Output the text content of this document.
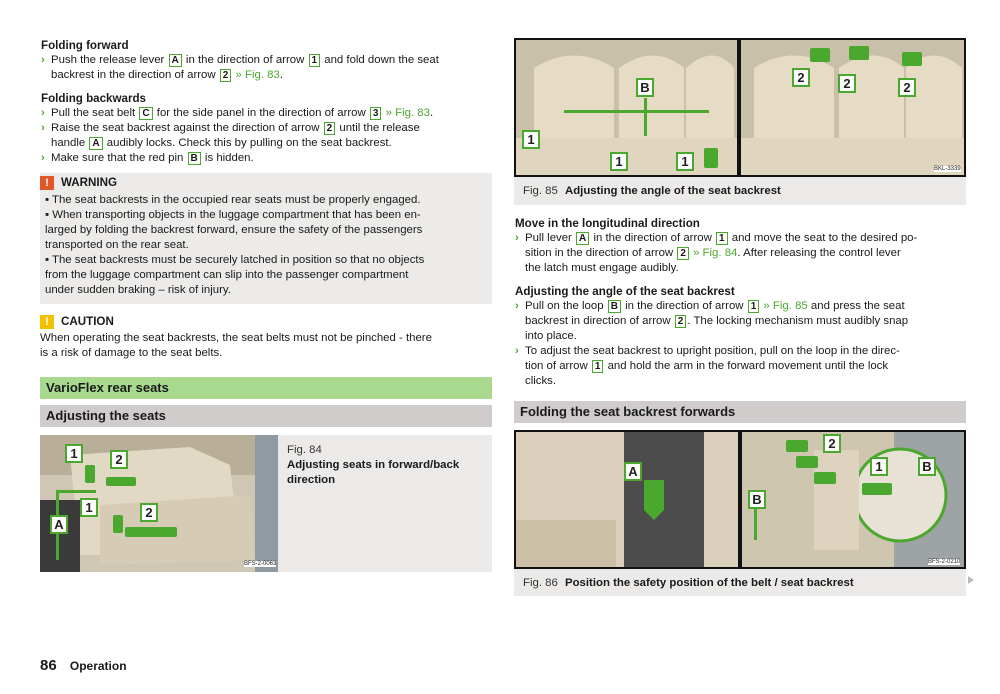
Folding forward
› Push the release lever A in the direction of arrow 1 and fold down the seat
backrest in the direction of arrow 2 » Fig. 83.
Folding backwards
› Pull the seat belt C for the side panel in the direction of arrow 3 » Fig. 83.
› Raise the seat backrest against the direction of arrow 2 until the release
handle A audibly locks. Check this by pulling on the seat backrest.
› Make sure that the red pin B is hidden.
!	WARNING
▪ The seat backrests in the occupied rear seats must be properly engaged.
▪ When transporting objects in the luggage compartment that has been en-
larged by folding the backrest forward, ensure the safety of the passengers
transported on the rear seat.
▪ The seat backrests must be securely latched in position so that no objects
from the luggage compartment can slip into the passenger compartment
under sudden braking – risk of injury.
!	CAUTION
When operating the seat backrests, the seat belts must not be pinched - there
is a risk of damage to the seat belts.
VarioFlex rear seats
Adjusting the seats
1	2
1	2
A
BFS-2-0063
Fig. 84
Adjusting seats in forward/back
direction
B
1
1	1
2	2	2
BKL-3339
Fig. 85 Adjusting the angle of the seat backrest
Move in the longitudinal direction
› Pull lever A in the direction of arrow 1 and move the seat to the desired po-
sition in the direction of arrow 2 » Fig. 84. After releasing the control lever
the latch must engage audibly.
Adjusting the angle of the seat backrest
› Pull on the loop B in the direction of arrow 1 » Fig. 85 and press the seat
backrest in direction of arrow 2 . The locking mechanism must audibly snap
into place.
› To adjust the seat backrest to upright position, pull on the loop in the direc-
tion of arrow 1 and hold the arm in the forward movement until the lock
clicks.
Folding the seat backrest forwards
A
2
B
1	B
BFS-2-0210
Fig. 86 Position the safety position of the belt / seat backrest
86 Operation
